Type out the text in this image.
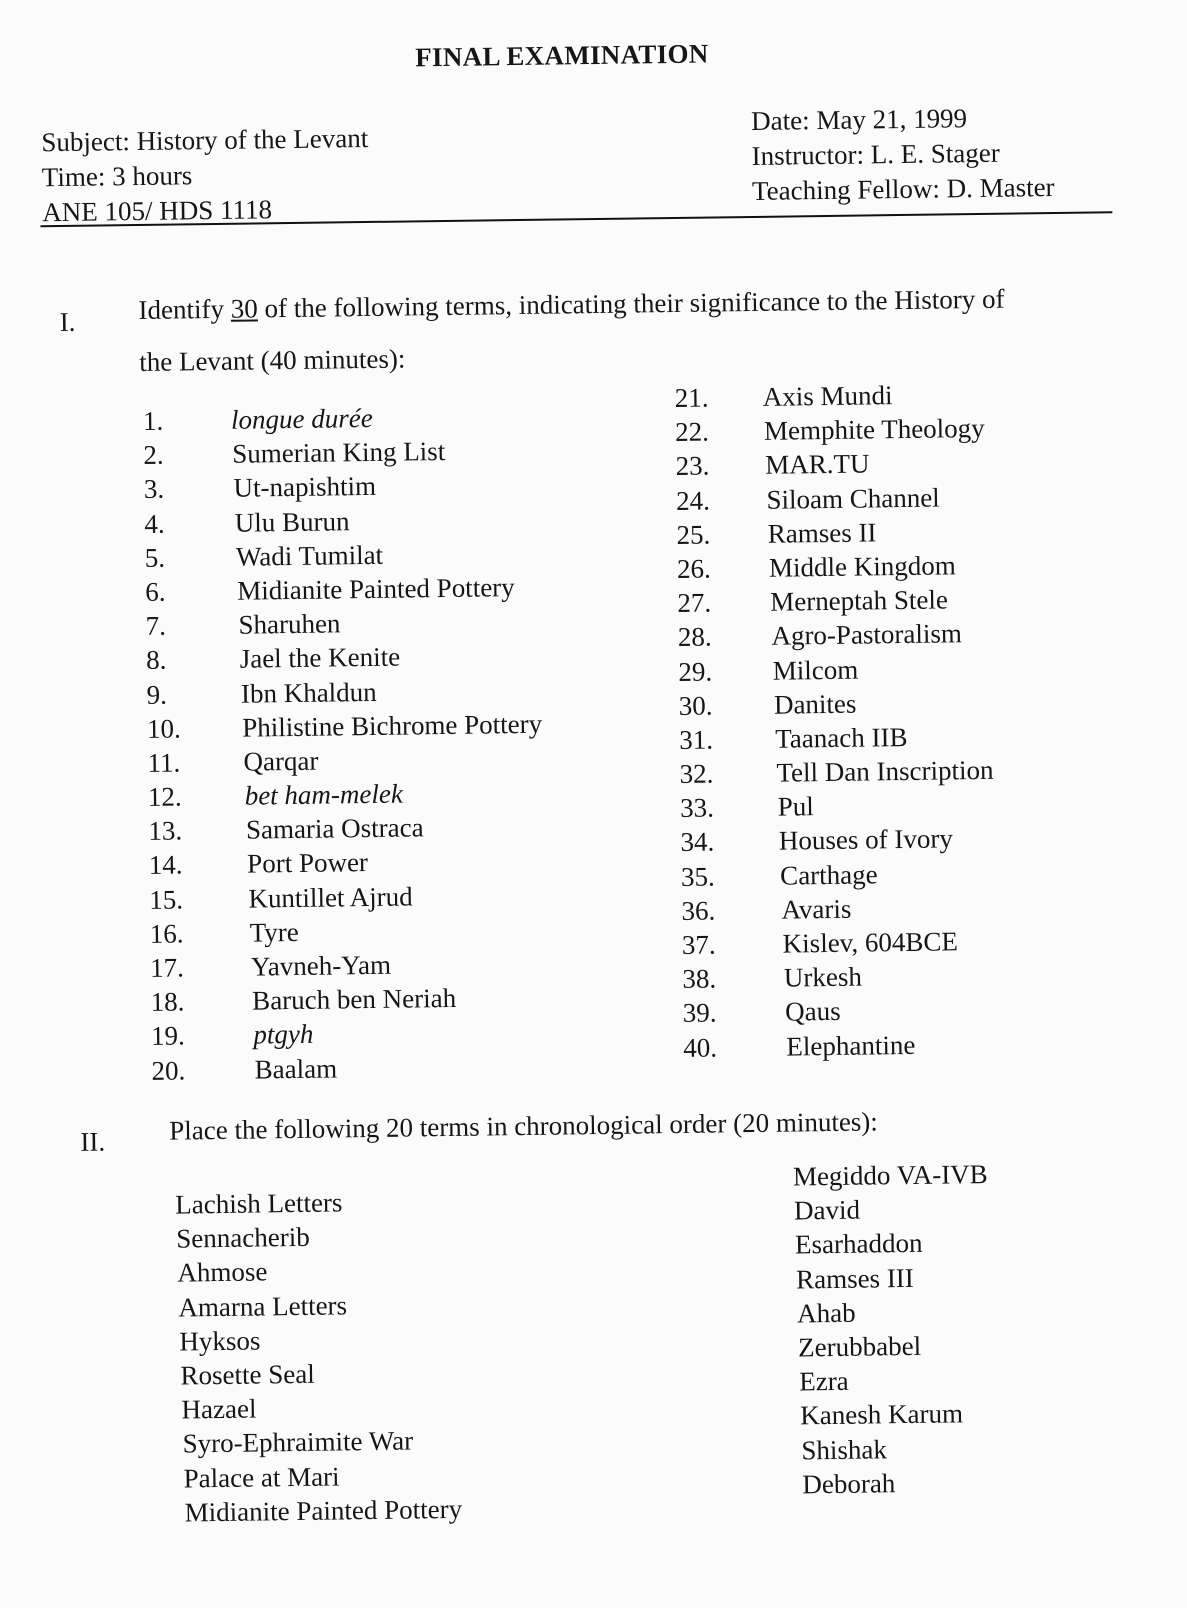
FINAL EXAMINATION
Subject: History of the Levant
Time: 3 hours
ANE 105/ HDS 1118
Date: May 21, 1999
Instructor: L. E. Stager
Teaching Fellow: D. Master
I. Identify 30 of the following terms, indicating their significance to the History of
the Levant (40 minutes):
1. longue durée
2.	Sumerian King List
3.	Ut-napishtim
4.	Ulu Burun
5.	Wadi Tumilat
6.	Midianite Painted Pottery
7.	Sharuhen
8.	Jael the Kenite
9.	Ibn Khaldun
10. Philistine Bichrome Pottery
11. Qarqar
12. bet ham-melek
13. Samaria Ostraca
14. Port Power
15. Kuntillet Ajrud
16. Tyre
17. Yavneh-Yam
18. Baruch ben Neriah
19.	ptgyh
20.	Baalam
21. Axis Mundi
22. Memphite Theology
23. MAR.TU
24. Siloam Channel
25. Ramses II
26. Middle Kingdom
27. Merneptah Stele
28. Agro-Pastoralism
29. Milcom
30. Danites
31. Taanach IIB
32. Tell Dan Inscription
33. Pul
34. Houses of Ivory
35. Carthage
36. Avaris
37. Kislev, 604BCE
38. Urkesh
39.	Qaus
40.	Elephantine
II. Place the following 20 terms in chronological order (20 minutes):
Lachish Letters
Sennacherib
Ahmose
Amarna Letters
Hyksos
Rosette Seal
Hazael
Syro-Ephraimite War
Palace at Mari
Midianite Painted Pottery
Megiddo VA-IVB
David
Esarhaddon
Ramses III
Ahab
Zerubbabel
Ezra
Kanesh Karum
Shishak
Deborah
